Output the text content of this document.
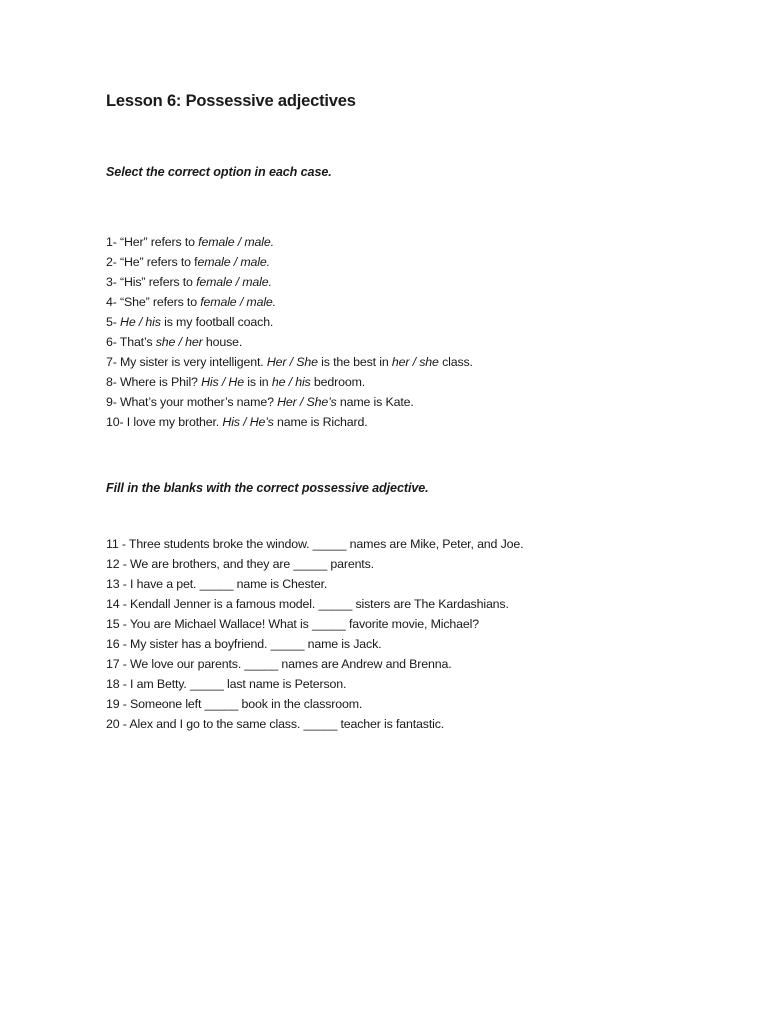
Lesson 6: Possessive adjectives

Select the correct option in each case.

1- “Her” refers to female / male.
2- “He” refers to female / male.
3- “His” refers to female / male.
4- “She” refers to female / male.
5- He / his is my football coach.
6- That’s she / her house.
7- My sister is very intelligent. Her / She is the best in her / she class.
8- Where is Phil? His / He is in he / his bedroom.
9- What’s your mother’s name? Her / She’s name is Kate.
10- I love my brother. His / He’s name is Richard.

Fill in the blanks with the correct possessive adjective.

11 - Three students broke the window. _____ names are Mike, Peter, and Joe.
12 - We are brothers, and they are _____ parents.
13 - I have a pet. _____ name is Chester.
14 - Kendall Jenner is a famous model. _____ sisters are The Kardashians.
15 - You are Michael Wallace! What is _____ favorite movie, Michael?
16 - My sister has a boyfriend. _____ name is Jack.
17 - We love our parents. _____ names are Andrew and Brenna.
18 - I am Betty. _____ last name is Peterson.
19 - Someone left _____ book in the classroom.
20 - Alex and I go to the same class. _____ teacher is fantastic.
